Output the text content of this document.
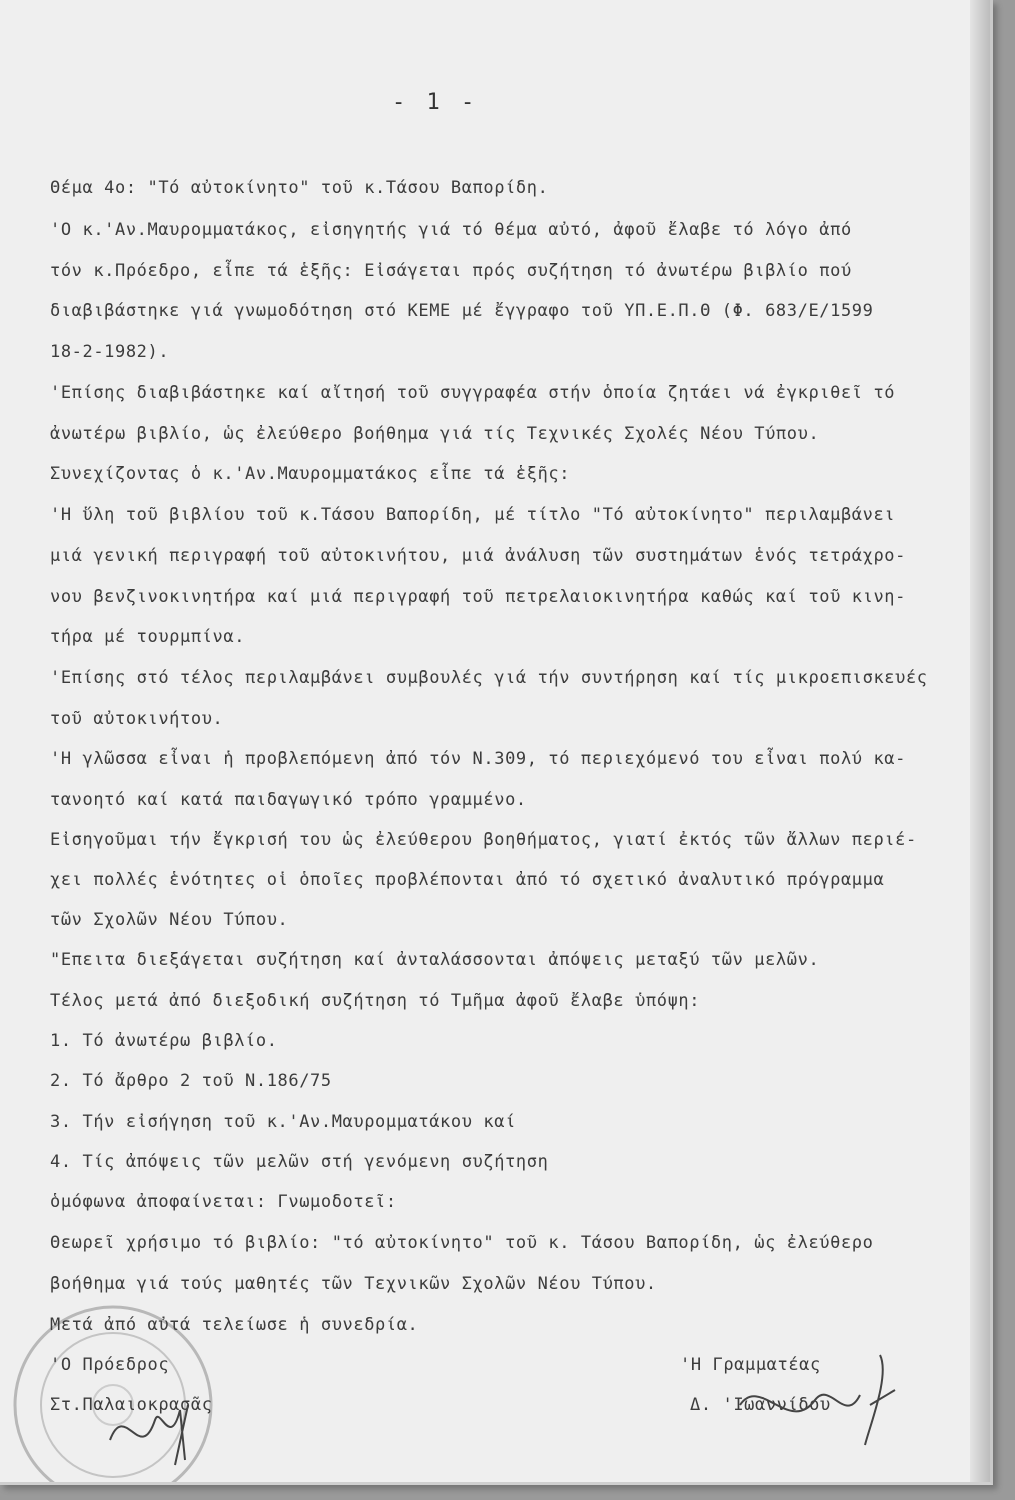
- 1 -
Θέμα 4ο: "Τό αὐτοκίνητο" τοῦ κ.Τάσου Βαπορίδη.
'Ο κ.'Αν.Μαυρομματάκος, εἰσηγητής γιά τό θέμα αὐτό, ἀφοῦ ἔλαβε τό λόγο ἀπό
τόν κ.Πρόεδρο, εἶπε τά ἑξῆς: Εἰσάγεται πρός συζήτηση τό ἀνωτέρω βιβλίο πού
διαβιβάστηκε γιά γνωμοδότηση στό ΚΕΜΕ μέ ἔγγραφο τοῦ ΥΠ.Ε.Π.Θ (Φ. 683/Ε/1599
18-2-1982).
'Επίσης διαβιβάστηκε καί αἴτησή τοῦ συγγραφέα στήν ὁποία ζητάει νά ἐγκριθεῖ τό
ἀνωτέρω βιβλίο, ὡς ἐλεύθερο βοήθημα γιά τίς Τεχνικές Σχολές Νέου Τύπου.
Συνεχίζοντας ὁ κ.'Αν.Μαυρομματάκος εἶπε τά ἑξῆς:
'Η ὕλη τοῦ βιβλίου τοῦ κ.Τάσου Βαπορίδη, μέ τίτλο "Τό αὐτοκίνητο" περιλαμβάνει
μιά γενική περιγραφή τοῦ αὐτοκινήτου, μιά ἀνάλυση τῶν συστημάτων ἑνός τετράχρο-
νου βενζινοκινητήρα καί μιά περιγραφή τοῦ πετρελαιοκινητήρα καθώς καί τοῦ κινη-
τήρα μέ τουρμπίνα.
'Επίσης στό τέλος περιλαμβάνει συμβουλές γιά τήν συντήρηση καί τίς μικροεπισκευές
τοῦ αὐτοκινήτου.
'Η γλῶσσα εἶναι ἡ προβλεπόμενη ἀπό τόν Ν.309, τό περιεχόμενό του εἶναι πολύ κα-
τανοητό καί κατά παιδαγωγικό τρόπο γραμμένο.
Εἰσηγοῦμαι τήν ἔγκρισή του ὡς ἐλεύθερου βοηθήματος, γιατί ἐκτός τῶν ἄλλων περιέ-
χει πολλές ἑνότητες οἱ ὁποῖες προβλέπονται ἀπό τό σχετικό ἀναλυτικό πρόγραμμα
τῶν Σχολῶν Νέου Τύπου.
"Επειτα διεξάγεται συζήτηση καί ἀνταλάσσονται ἀπόψεις μεταξύ τῶν μελῶν.
Τέλος μετά ἀπό διεξοδική συζήτηση τό Τμῆμα ἀφοῦ ἔλαβε ὑπόψη:
1. Τό ἀνωτέρω βιβλίο.
2. Τό ἄρθρο 2 τοῦ Ν.186/75
3. Τήν εἰσήγηση τοῦ κ.'Αν.Μαυρομματάκου καί
4. Τίς ἀπόψεις τῶν μελῶν στή γενόμενη συζήτηση
ὁμόφωνα ἀποφαίνεται: Γνωμοδοτεῖ:
Θεωρεῖ χρήσιμο τό βιβλίο: "τό αὐτοκίνητο" τοῦ κ. Τάσου Βαπορίδη, ὡς ἐλεύθερο
βοήθημα γιά τούς μαθητές τῶν Τεχνικῶν Σχολῶν Νέου Τύπου.
Μετά ἀπό αὐτά τελείωσε ἡ συνεδρία.
'Ο Πρόεδρος
Στ.Παλαιοκρασᾶς
'Η Γραμματέας
Δ. 'Ιωαννίδου
